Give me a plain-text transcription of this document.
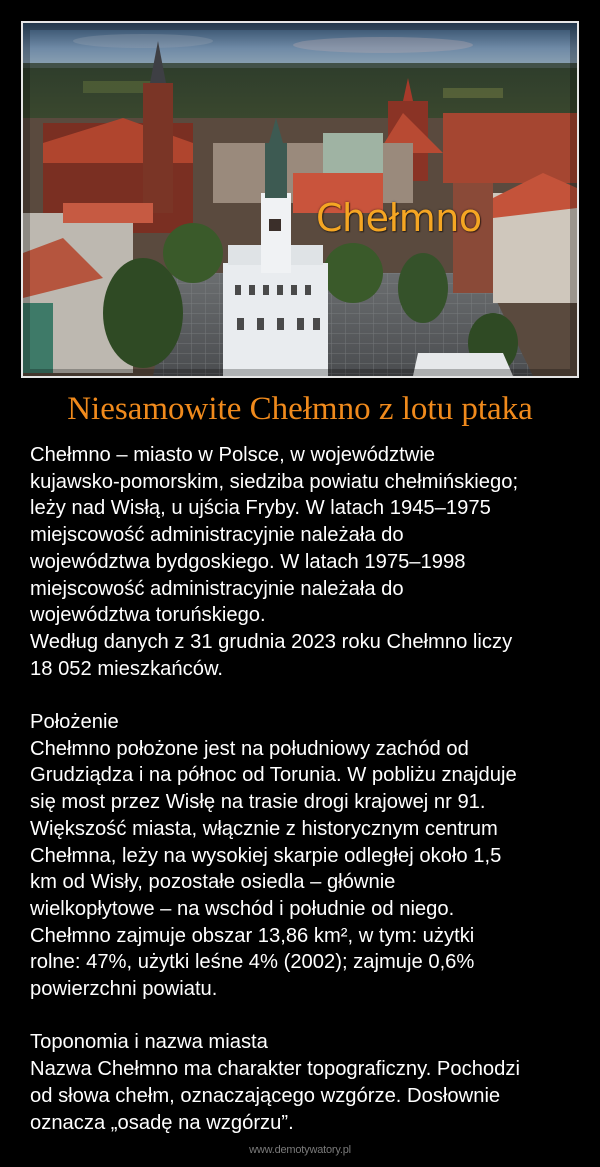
Chełmno
Niesamowite Chełmno z lotu ptaka

Chełmno – miasto w Polsce, w województwie

kujawsko-pomorskim, siedziba powiatu chełmińskiego;

leży nad Wisłą, u ujścia Fryby. W latach 1945–1975

miejscowość administracyjnie należała do

województwa bydgoskiego. W latach 1975–1998

miejscowość administracyjnie należała do

województwa toruńskiego.

Według danych z 31 grudnia 2023 roku Chełmno liczy

18 052 mieszkańców.

Położenie

Chełmno położone jest na południowy zachód od

Grudziądza i na północ od Torunia. W pobliżu znajduje

się most przez Wisłę na trasie drogi krajowej nr 91.

Większość miasta, włącznie z historycznym centrum

Chełmna, leży na wysokiej skarpie odległej około 1,5

km od Wisły, pozostałe osiedla – głównie

wielkopłytowe – na wschód i południe od niego.

Chełmno zajmuje obszar 13,86 km², w tym: użytki

rolne: 47%, użytki leśne 4% (2002); zajmuje 0,6%

powierzchni powiatu.

Toponomia i nazwa miasta

Nazwa Chełmno ma charakter topograficzny. Pochodzi

od słowa chełm, oznaczającego wzgórze. Dosłownie

oznacza „osadę na wzgórzu”.

www.demotywatory.pl
